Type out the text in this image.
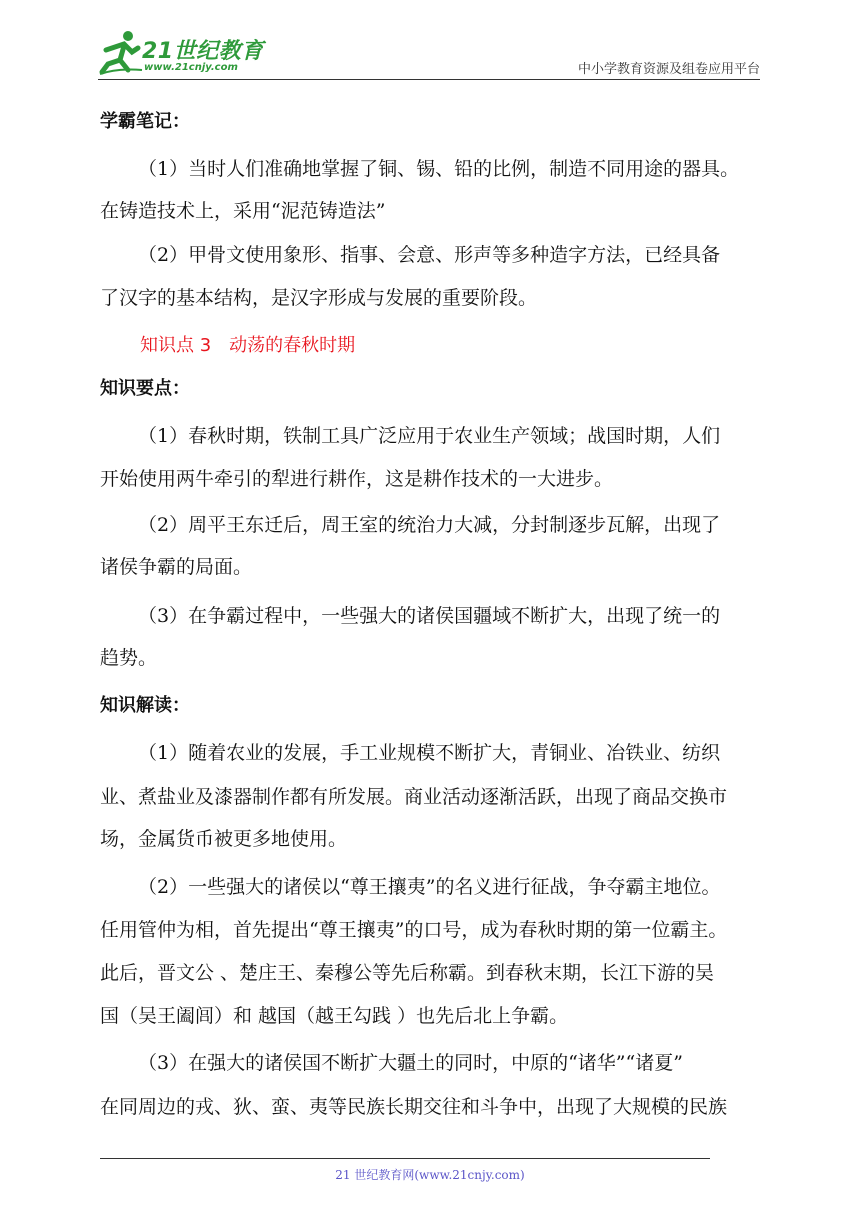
21世纪教育
www.21cnjy.com	中小学教育资源及组卷应用平台
学霸笔记：
（1）当时人们准确地掌握了铜、锡、铅的比例，制造不同用途的器具。
在铸造技术上，采用“泥范铸造法”
（2）甲骨文使用象形、指事、会意、形声等多种造字方法，已经具备
了汉字的基本结构，是汉字形成与发展的重要阶段。
知识点 3　动荡的春秋时期
知识要点：
（1）春秋时期，铁制工具广泛应用于农业生产领域；战国时期，人们
开始使用两牛牵引的犁进行耕作，这是耕作技术的一大进步。
（2）周平王东迁后，周王室的统治力大减，分封制逐步瓦解，出现了
诸侯争霸的局面。
（3）在争霸过程中，一些强大的诸侯国疆域不断扩大，出现了统一的
趋势。
知识解读：
（1）随着农业的发展，手工业规模不断扩大，青铜业、冶铁业、纺织
业、煮盐业及漆器制作都有所发展。商业活动逐渐活跃，出现了商品交换市
场，金属货币被更多地使用。
（2）一些强大的诸侯以“尊王攘夷”的名义进行征战，争夺霸主地位。
任用管仲为相，首先提出“尊王攘夷”的口号，成为春秋时期的第一位霸主。
此后，晋文公 、楚庄王、秦穆公等先后称霸。到春秋末期，长江下游的吴
国（吴王阖闾）和 越国（越王勾践 ）也先后北上争霸。
（3）在强大的诸侯国不断扩大疆土的同时，中原的“诸华”“诸夏”
在同周边的戎、狄、蛮、夷等民族长期交往和斗争中，出现了大规模的民族
21 世纪教育网(www.21cnjy.com)
